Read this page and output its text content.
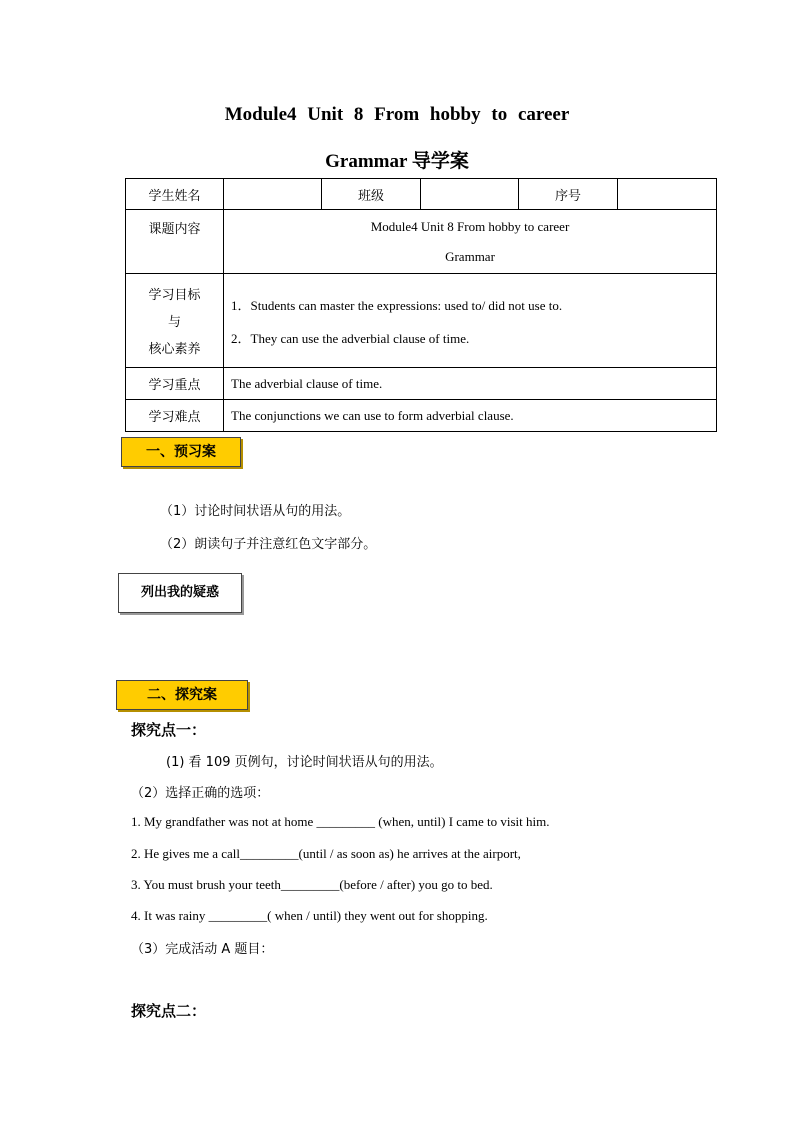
Module4 Unit 8 From hobby to career
Grammar 导学案
学生姓名		班级		序号	
课题内容	Module4 Unit 8 From hobby to career
Grammar				

学习目标
与
核心素养	1．Students can master the expressions: used to/ did not use to.
2．They can use the adverbial clause of time.				

学习重点	The adverbial clause of time.				
学习难点	The conjunctions we can use to form adverbial clause.				
一、预习案
（1）讨论时间状语从句的用法。
（2）朗读句子并注意红色文字部分。
列出我的疑惑
二、探究案
探究点一：
(1) 看 109 页例句，讨论时间状语从句的用法。
（2）选择正确的选项：
1. My grandfather was not at home _________ (when, until) I came to visit him.
2. He gives me a call_________(until / as soon as) he arrives at the airport,
3. You must brush your teeth_________(before / after) you go to bed.
4. It was rainy _________( when / until) they went out for shopping.
（3）完成活动 A 题目：
探究点二：
